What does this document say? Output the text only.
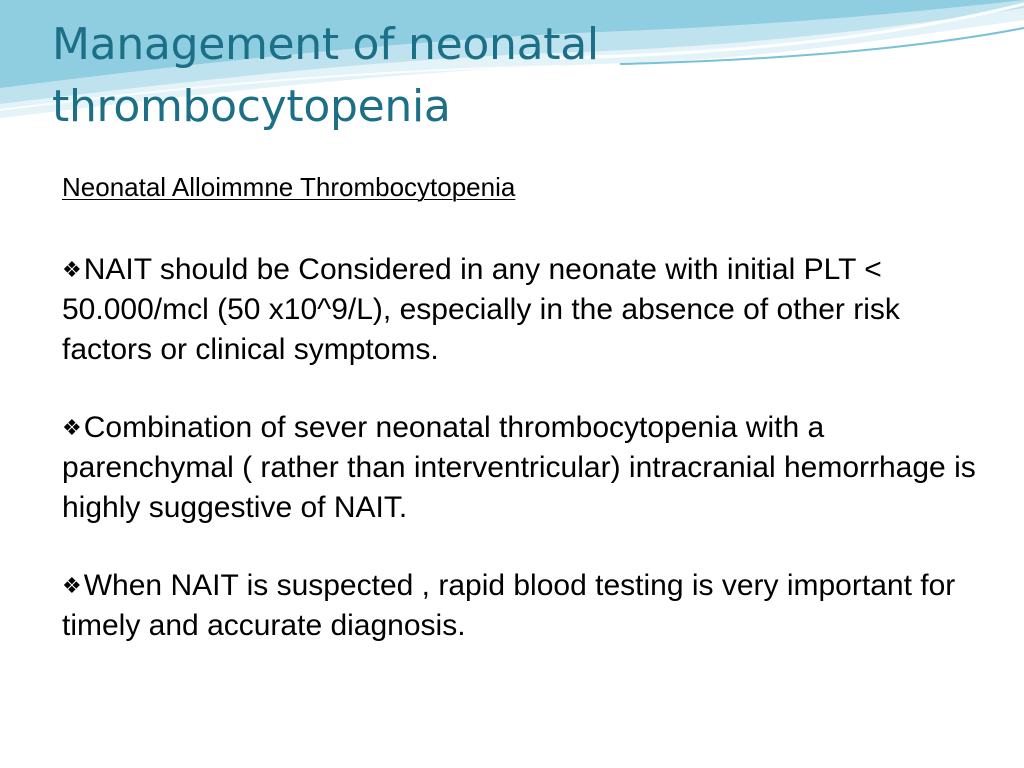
Management of neonatal thrombocytopenia

Neonatal Alloimmne Thrombocytopenia

❖NAIT should be Considered in any neonate with initial PLT < 50.000/mcl (50 x10^9/L), especially in the absence of other risk factors or clinical symptoms.
❖Combination of sever neonatal thrombocytopenia with a parenchymal ( rather than interventricular) intracranial hemorrhage is highly suggestive of NAIT.
❖When NAIT is suspected , rapid blood testing is very important for timely and accurate diagnosis.
